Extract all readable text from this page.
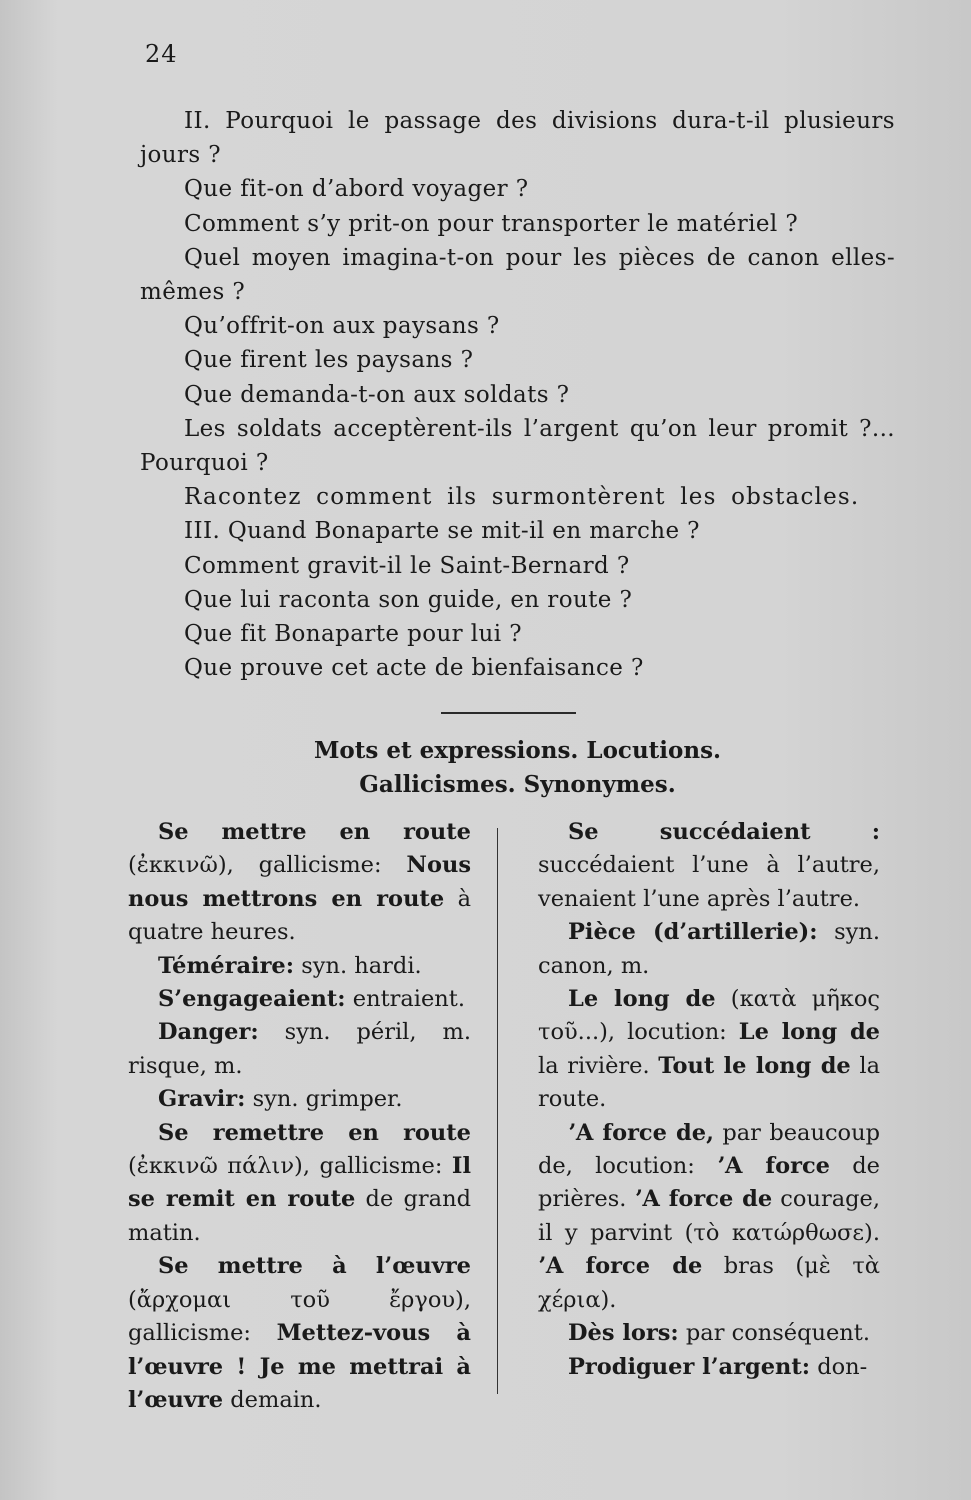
24

II. Pourquoi le passage des divisions dura-t-il plusieurs jours ?

Que fit-on d’abord voyager ?

Comment s’y prit-on pour transporter le matériel ?

Quel moyen imagina-t-on pour les pièces de canon elles-mêmes ?

Qu’offrit-on aux paysans ?

Que firent les paysans ?

Que demanda-t-on aux soldats ?

Les soldats acceptèrent-ils l’argent qu’on leur promit ?... Pourquoi ?

Racontez comment ils surmontèrent les obstacles.

III. Quand Bonaparte se mit-il en marche ?

Comment gravit-il le Saint-Bernard ?

Que lui raconta son guide, en route ?

Que fit Bonaparte pour lui ?

Que prouve cet acte de bienfaisance ?

Mots et expressions. Locutions.
Gallicismes. Synonymes.

Se mettre en route (ἐκκινῶ), gallicisme: Nous nous mettrons en route à quatre heures.

Téméraire: syn. hardi.

S’engageaient: entraient.

Danger: syn. péril, m. risque, m.

Gravir: syn. grimper.

Se remettre en route (ἐκκινῶ πάλιν), gallicisme: Il se remit en route de grand matin.

Se mettre à l’œuvre (ἄρχομαι τοῦ ἔργου), gallicisme: Mettez-vous à l’œuvre ! Je me mettrai à l’œuvre demain.

Se succédaient : succédaient l’une à l’autre, venaient l’une après l’autre.

Pièce (d’artillerie): syn. canon, m.

Le long de (κατὰ μῆκος τοῦ...), locution: Le long de la rivière. Tout le long de la route.

ʼA force de, par beaucoup de, locution: ʼA force de prières. ʼA force de courage, il y parvint (τὸ κατώρθωσε). ʼA force de bras (μὲ τὰ χέρια).

Dès lors: par conséquent.

Prodiguer l’argent: don-
